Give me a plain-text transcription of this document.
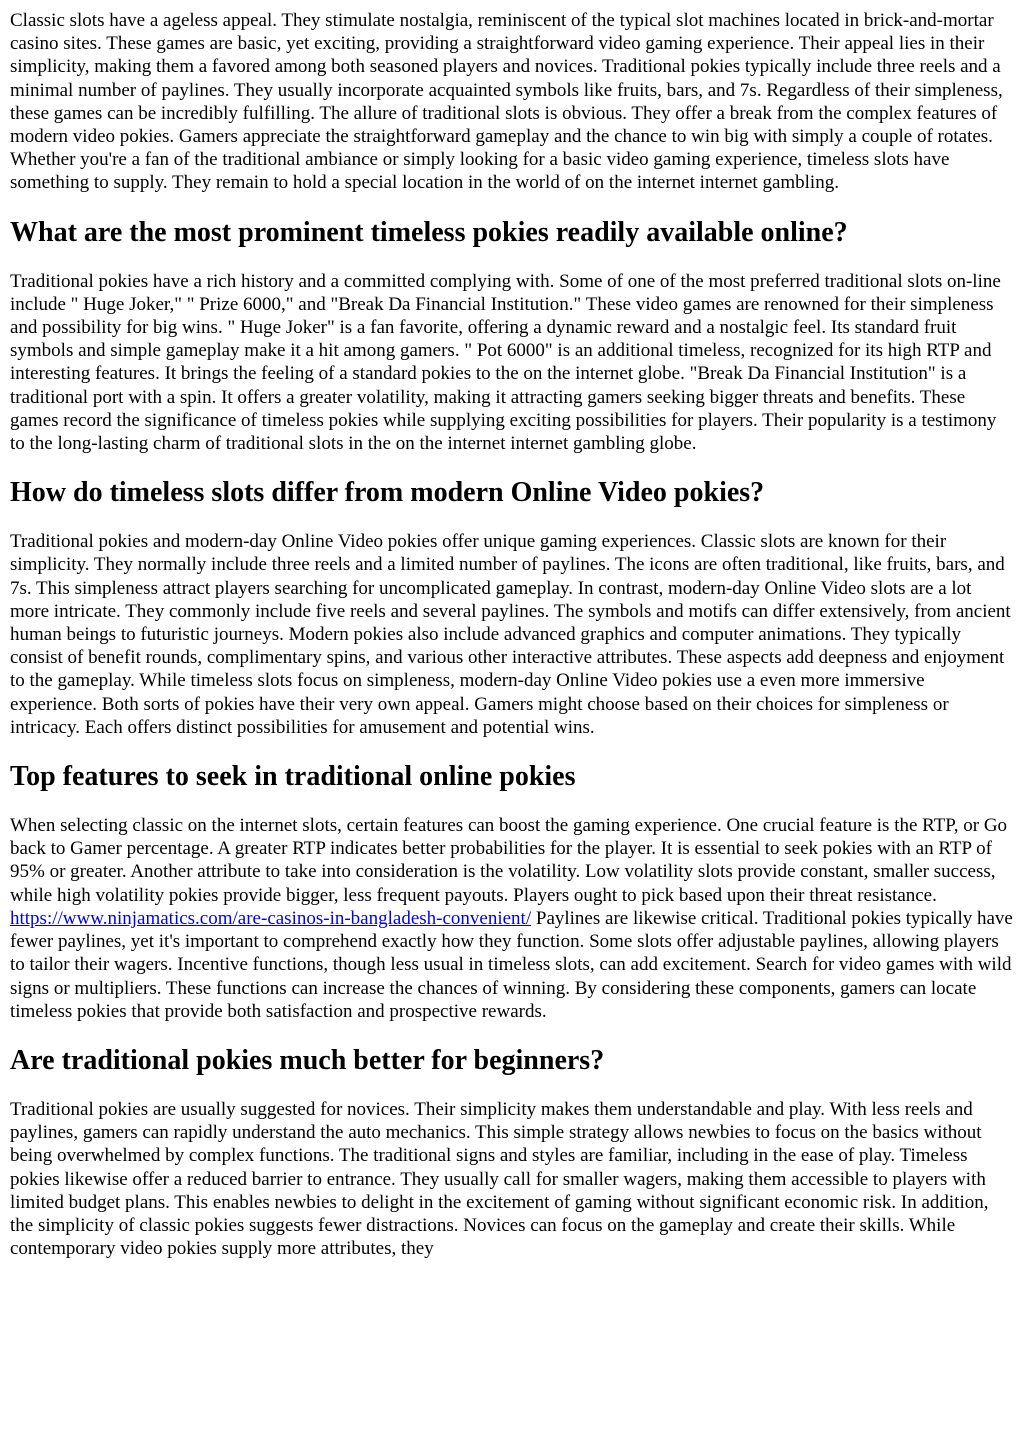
Classic slots have a ageless appeal. They stimulate nostalgia, reminiscent of the typical slot machines located in brick-and-mortar casino sites. These games are basic, yet exciting, providing a straightforward video gaming experience. Their appeal lies in their simplicity, making them a favored among both seasoned players and novices. Traditional pokies typically include three reels and a minimal number of paylines. They usually incorporate acquainted symbols like fruits, bars, and 7s. Regardless of their simpleness, these games can be incredibly fulfilling. The allure of traditional slots is obvious. They offer a break from the complex features of modern video pokies. Gamers appreciate the straightforward gameplay and the chance to win big with simply a couple of rotates. Whether you're a fan of the traditional ambiance or simply looking for a basic video gaming experience, timeless slots have something to supply. They remain to hold a special location in the world of on the internet internet gambling.

What are the most prominent timeless pokies readily available online?

Traditional pokies have a rich history and a committed complying with. Some of one of the most preferred traditional slots on-line include " Huge Joker," " Prize 6000," and "Break Da Financial Institution." These video games are renowned for their simpleness and possibility for big wins. " Huge Joker" is a fan favorite, offering a dynamic reward and a nostalgic feel. Its standard fruit symbols and simple gameplay make it a hit among gamers. " Pot 6000" is an additional timeless, recognized for its high RTP and interesting features. It brings the feeling of a standard pokies to the on the internet globe. "Break Da Financial Institution" is a traditional port with a spin. It offers a greater volatility, making it attracting gamers seeking bigger threats and benefits. These games record the significance of timeless pokies while supplying exciting possibilities for players. Their popularity is a testimony to the long-lasting charm of traditional slots in the on the internet internet gambling globe.

How do timeless slots differ from modern Online Video pokies?

Traditional pokies and modern-day Online Video pokies offer unique gaming experiences. Classic slots are known for their simplicity. They normally include three reels and a limited number of paylines. The icons are often traditional, like fruits, bars, and 7s. This simpleness attract players searching for uncomplicated gameplay. In contrast, modern-day Online Video slots are a lot more intricate. They commonly include five reels and several paylines. The symbols and motifs can differ extensively, from ancient human beings to futuristic journeys. Modern pokies also include advanced graphics and computer animations. They typically consist of benefit rounds, complimentary spins, and various other interactive attributes. These aspects add deepness and enjoyment to the gameplay. While timeless slots focus on simpleness, modern-day Online Video pokies use a even more immersive experience. Both sorts of pokies have their very own appeal. Gamers might choose based on their choices for simpleness or intricacy. Each offers distinct possibilities for amusement and potential wins.

Top features to seek in traditional online pokies

When selecting classic on the internet slots, certain features can boost the gaming experience. One crucial feature is the RTP, or Go back to Gamer percentage. A greater RTP indicates better probabilities for the player. It is essential to seek pokies with an RTP of 95% or greater. Another attribute to take into consideration is the volatility. Low volatility slots provide constant, smaller success, while high volatility pokies provide bigger, less frequent payouts. Players ought to pick based upon their threat resistance. https://www.ninjamatics.com/are-casinos-in-bangladesh-convenient/ Paylines are likewise critical. Traditional pokies typically have fewer paylines, yet it's important to comprehend exactly how they function. Some slots offer adjustable paylines, allowing players to tailor their wagers. Incentive functions, though less usual in timeless slots, can add excitement. Search for video games with wild signs or multipliers. These functions can increase the chances of winning. By considering these components, gamers can locate timeless pokies that provide both satisfaction and prospective rewards.

Are traditional pokies much better for beginners?

Traditional pokies are usually suggested for novices. Their simplicity makes them understandable and play. With less reels and paylines, gamers can rapidly understand the auto mechanics. This simple strategy allows newbies to focus on the basics without being overwhelmed by complex functions. The traditional signs and styles are familiar, including in the ease of play. Timeless pokies likewise offer a reduced barrier to entrance. They usually call for smaller wagers, making them accessible to players with limited budget plans. This enables newbies to delight in the excitement of gaming without significant economic risk. In addition, the simplicity of classic pokies suggests fewer distractions. Novices can focus on the gameplay and create their skills. While contemporary video pokies supply more attributes, they
